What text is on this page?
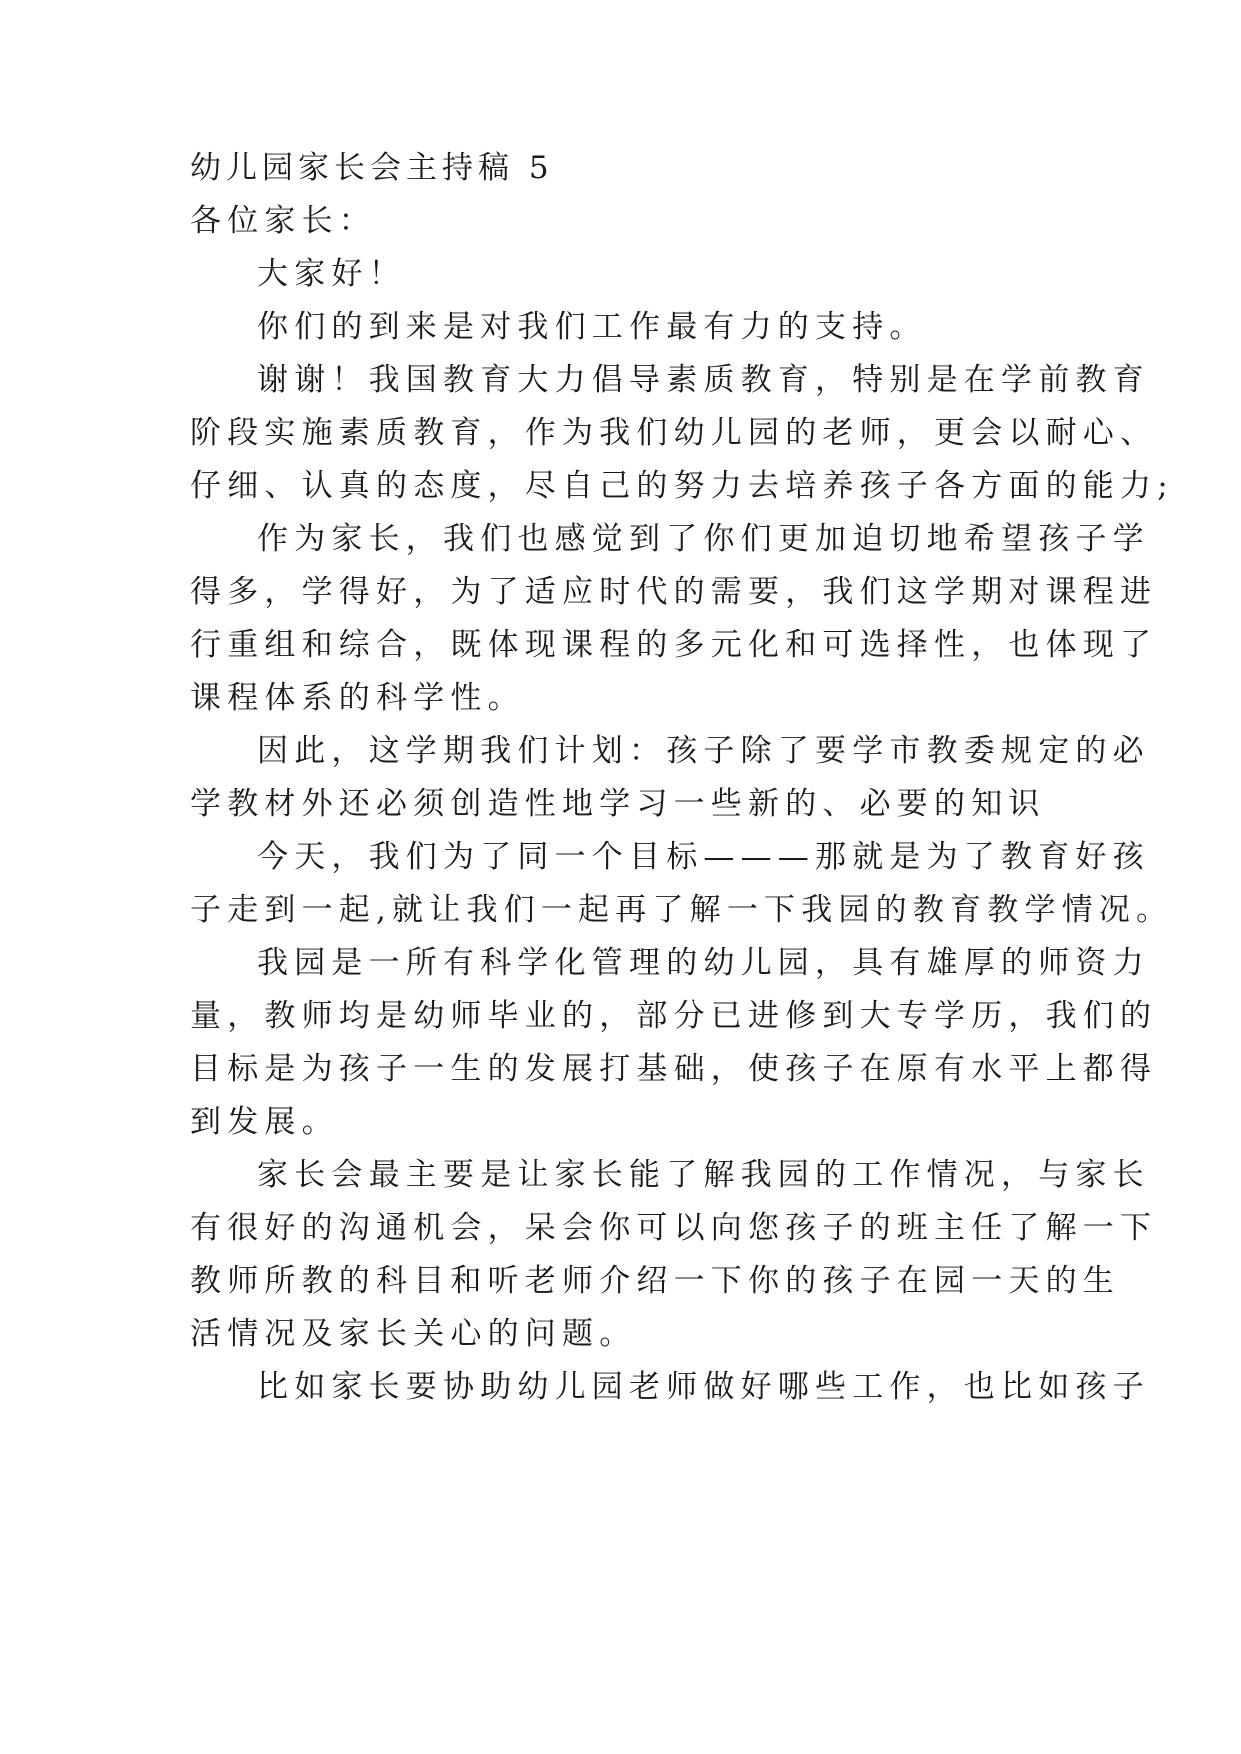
幼儿园家长会主持稿 5

各位家长：

大家好！

你们的到来是对我们工作最有力的支持。

谢谢！我国教育大力倡导素质教育，特别是在学前教育

阶段实施素质教育，作为我们幼儿园的老师，更会以耐心、

仔细、认真的态度，尽自己的努力去培养孩子各方面的能力;

作为家长，我们也感觉到了你们更加迫切地希望孩子学

得多，学得好，为了适应时代的需要，我们这学期对课程进

行重组和综合，既体现课程的多元化和可选择性，也体现了

课程体系的科学性。

因此，这学期我们计划：孩子除了要学市教委规定的必

学教材外还必须创造性地学习一些新的、必要的知识

今天，我们为了同一个目标———那就是为了教育好孩

子走到一起,就让我们一起再了解一下我园的教育教学情况。

我园是一所有科学化管理的幼儿园，具有雄厚的师资力

量，教师均是幼师毕业的，部分已进修到大专学历，我们的

目标是为孩子一生的发展打基础，使孩子在原有水平上都得

到发展。

家长会最主要是让家长能了解我园的工作情况，与家长

有很好的沟通机会，呆会你可以向您孩子的班主任了解一下

教师所教的科目和听老师介绍一下你的孩子在园一天的生

活情况及家长关心的问题。

比如家长要协助幼儿园老师做好哪些工作，也比如孩子
